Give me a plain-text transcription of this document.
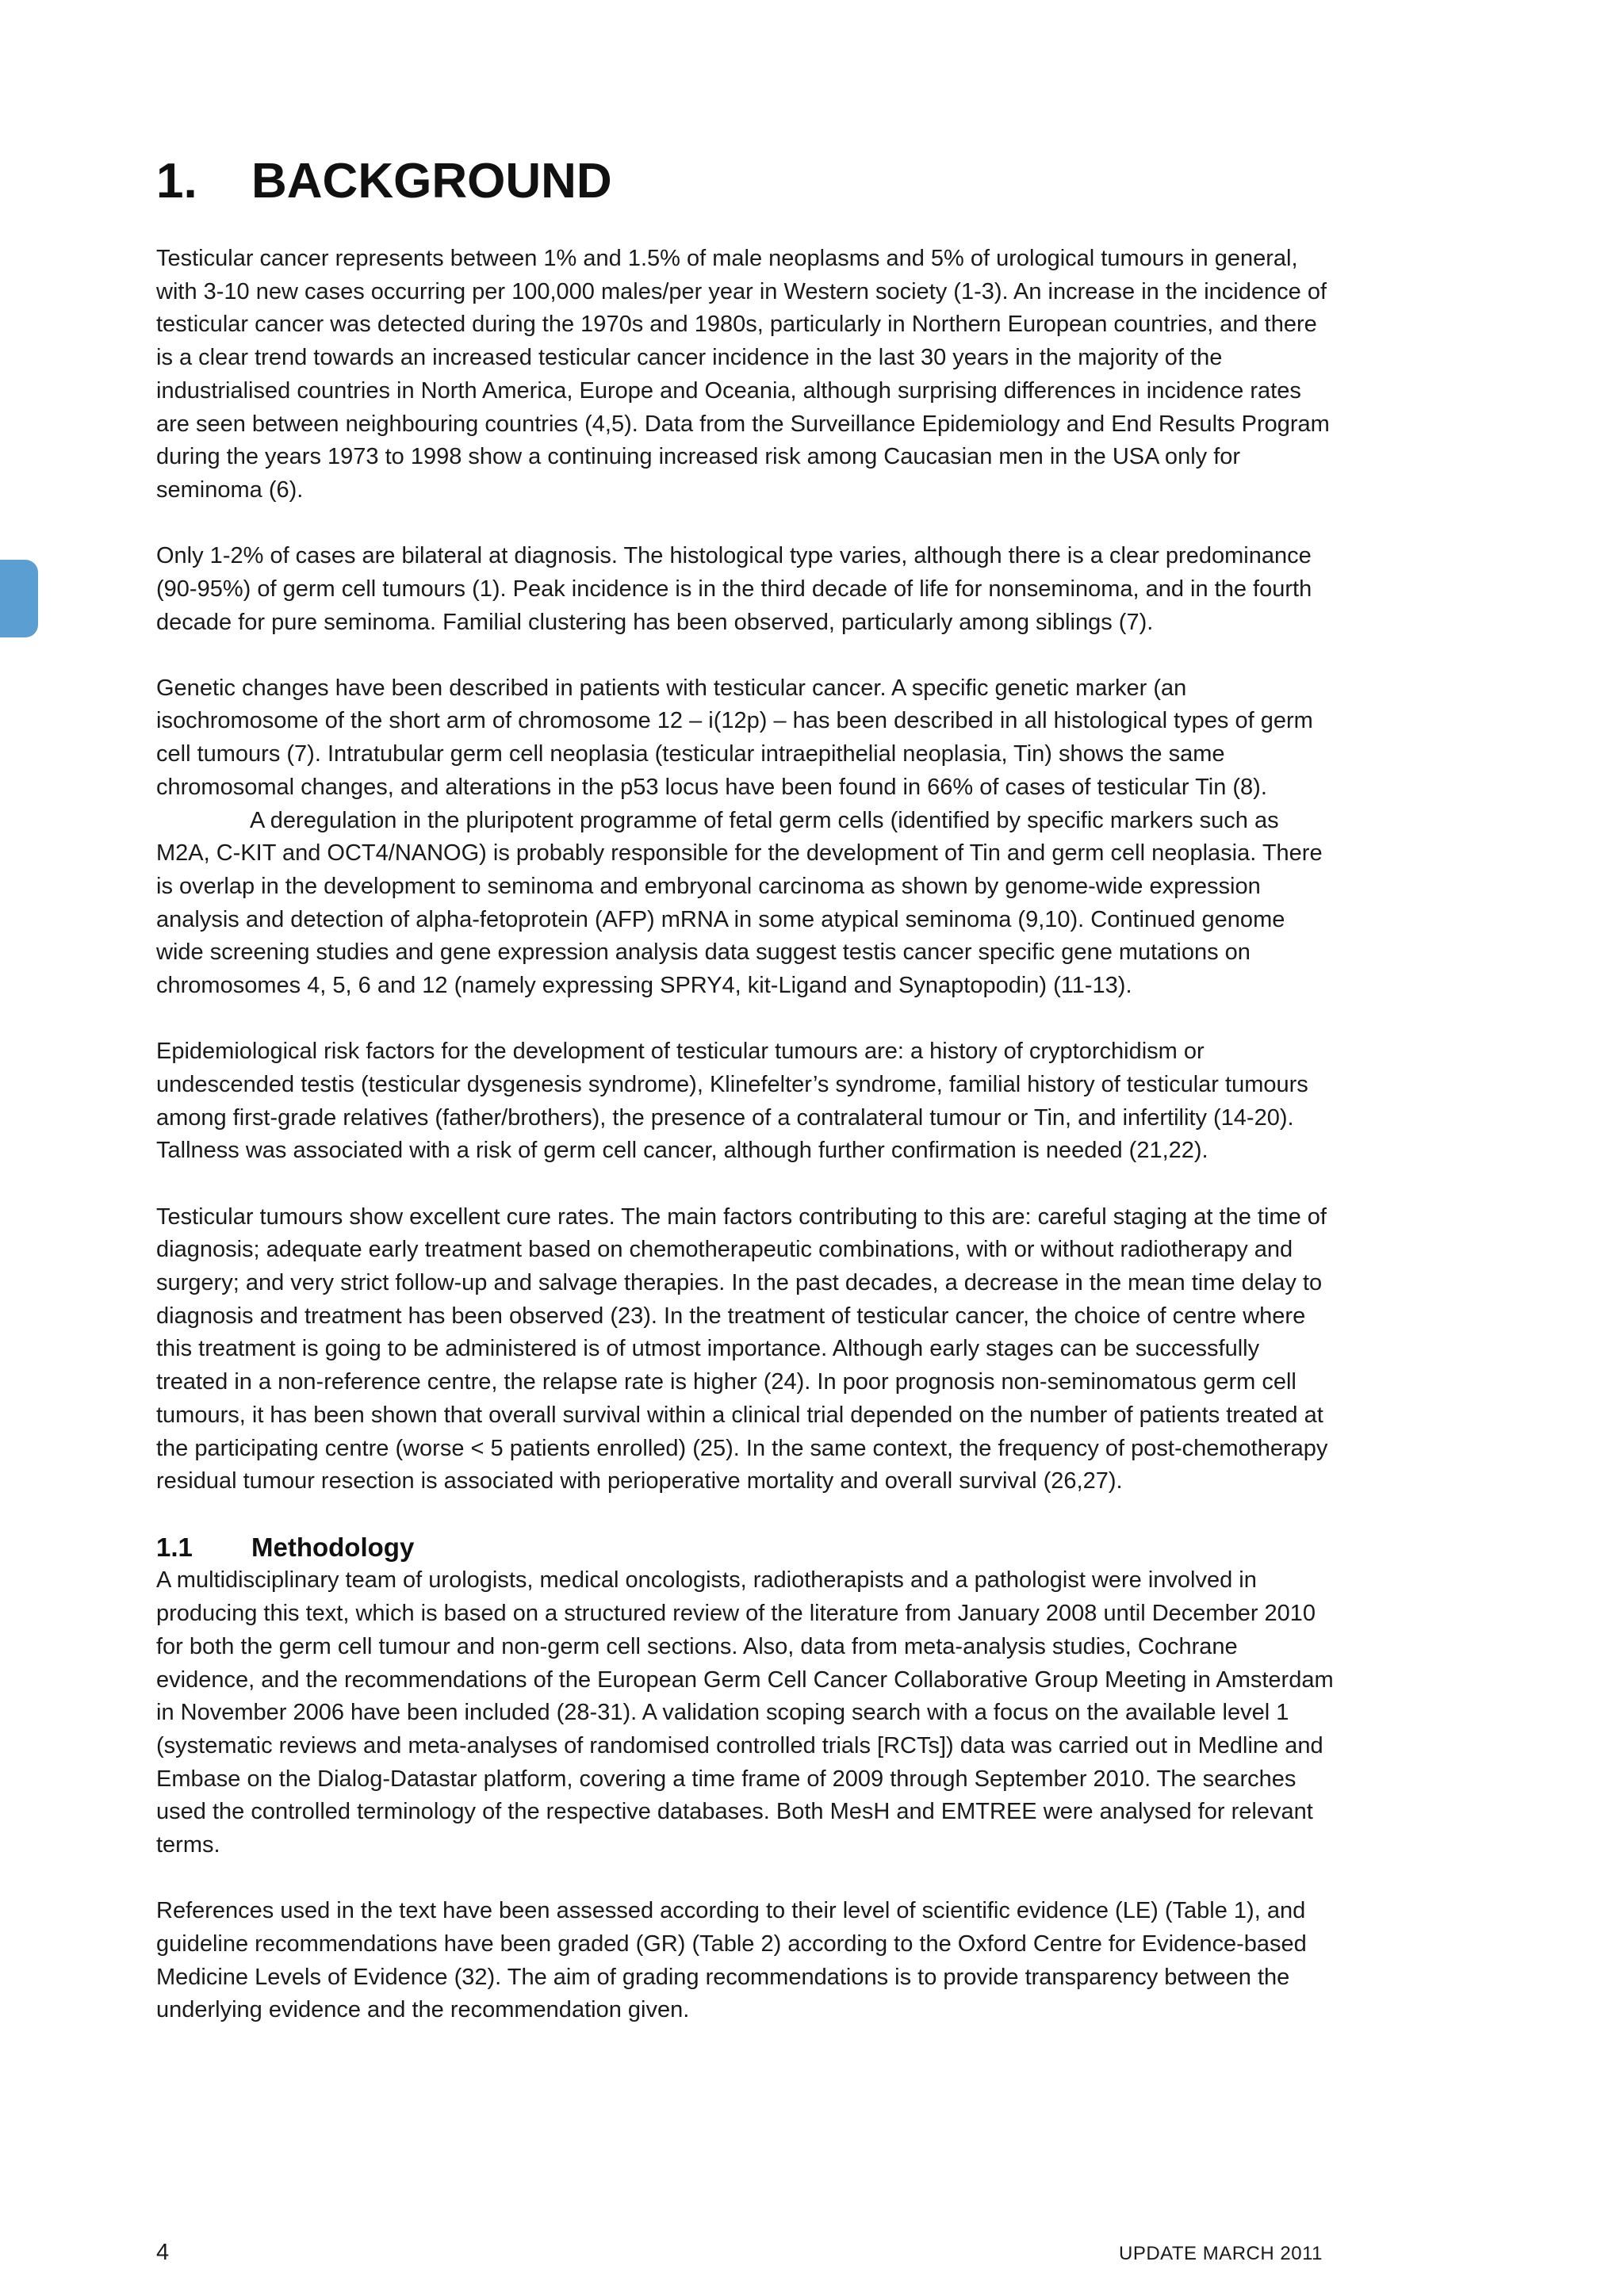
1. BACKGROUND

Testicular cancer represents between 1% and 1.5% of male neoplasms and 5% of urological tumours in general, with 3-10 new cases occurring per 100,000 males/per year in Western society (1-3). An increase in the incidence of testicular cancer was detected during the 1970s and 1980s, particularly in Northern European countries, and there is a clear trend towards an increased testicular cancer incidence in the last 30 years in the majority of the industrialised countries in North America, Europe and Oceania, although surprising differences in incidence rates are seen between neighbouring countries (4,5). Data from the Surveillance Epidemiology and End Results Program during the years 1973 to 1998 show a continuing increased risk among Caucasian men in the USA only for seminoma (6).

Only 1-2% of cases are bilateral at diagnosis. The histological type varies, although there is a clear predominance (90-95%) of germ cell tumours (1). Peak incidence is in the third decade of life for nonseminoma, and in the fourth decade for pure seminoma. Familial clustering has been observed, particularly among siblings (7).

Genetic changes have been described in patients with testicular cancer. A specific genetic marker (an isochromosome of the short arm of chromosome 12 – i(12p) – has been described in all histological types of germ cell tumours (7). Intratubular germ cell neoplasia (testicular intraepithelial neoplasia, Tin) shows the same chromosomal changes, and alterations in the p53 locus have been found in 66% of cases of testicular Tin (8).

A deregulation in the pluripotent programme of fetal germ cells (identified by specific markers such as M2A, C-KIT and OCT4/NANOG) is probably responsible for the development of Tin and germ cell neoplasia. There is overlap in the development to seminoma and embryonal carcinoma as shown by genome-wide expression analysis and detection of alpha-fetoprotein (AFP) mRNA in some atypical seminoma (9,10). Continued genome wide screening studies and gene expression analysis data suggest testis cancer specific gene mutations on chromosomes 4, 5, 6 and 12 (namely expressing SPRY4, kit-Ligand and Synaptopodin) (11-13).

Epidemiological risk factors for the development of testicular tumours are: a history of cryptorchidism or undescended testis (testicular dysgenesis syndrome), Klinefelter’s syndrome, familial history of testicular tumours among first-grade relatives (father/brothers), the presence of a contralateral tumour or Tin, and infertility (14-20). Tallness was associated with a risk of germ cell cancer, although further confirmation is needed (21,22).

Testicular tumours show excellent cure rates. The main factors contributing to this are: careful staging at the time of diagnosis; adequate early treatment based on chemotherapeutic combinations, with or without radiotherapy and surgery; and very strict follow-up and salvage therapies. In the past decades, a decrease in the mean time delay to diagnosis and treatment has been observed (23). In the treatment of testicular cancer, the choice of centre where this treatment is going to be administered is of utmost importance. Although early stages can be successfully treated in a non-reference centre, the relapse rate is higher (24). In poor prognosis non-seminomatous germ cell tumours, it has been shown that overall survival within a clinical trial depended on the number of patients treated at the participating centre (worse < 5 patients enrolled) (25). In the same context, the frequency of post-chemotherapy residual tumour resection is associated with perioperative mortality and overall survival (26,27).

1.1 Methodology

A multidisciplinary team of urologists, medical oncologists, radiotherapists and a pathologist were involved in producing this text, which is based on a structured review of the literature from January 2008 until December 2010 for both the germ cell tumour and non-germ cell sections. Also, data from meta-analysis studies, Cochrane evidence, and the recommendations of the European Germ Cell Cancer Collaborative Group Meeting in Amsterdam in November 2006 have been included (28-31). A validation scoping search with a focus on the available level 1 (systematic reviews and meta-analyses of randomised controlled trials [RCTs]) data was carried out in Medline and Embase on the Dialog-Datastar platform, covering a time frame of 2009 through September 2010. The searches used the controlled terminology of the respective databases. Both MesH and EMTREE were analysed for relevant terms.

References used in the text have been assessed according to their level of scientific evidence (LE) (Table 1), and guideline recommendations have been graded (GR) (Table 2) according to the Oxford Centre for Evidence-based Medicine Levels of Evidence (32). The aim of grading recommendations is to provide transparency between the underlying evidence and the recommendation given.

4	UPDATE MARCH 2011
